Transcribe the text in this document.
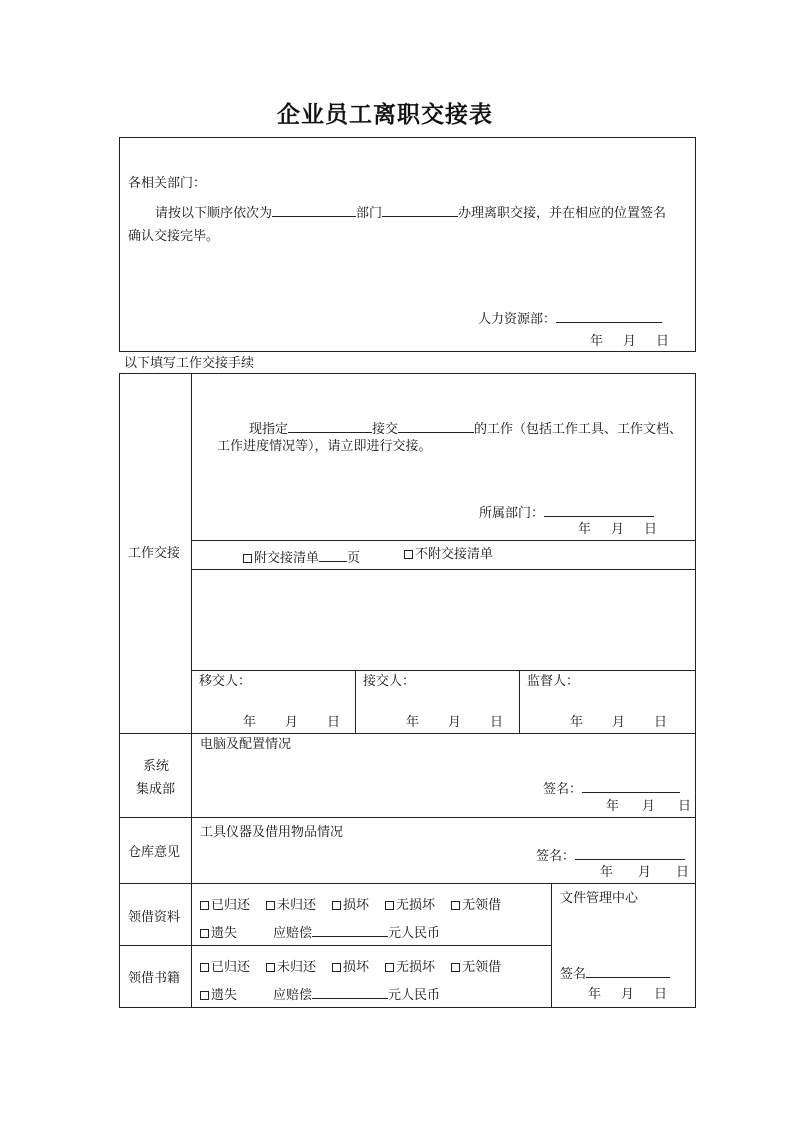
企业员工离职交接表
各相关部门：
请按以下顺序依次为	部门	办理离职交接，并在相应的位置签名
确认交接完毕。
人力资源部：
年 月 日
以下填写工作交接手续
工作交接
现指定	接交	的工作（包括工作工具、工作文档、
工作进度情况等），请立即进行交接。
所属部门：
年 月 日
附交接清单 页	不附交接清单
移交人：	接交人：	监督人：
年 月 日	年 月 日	年 月 日
系统
集成部
电脑及配置情况
签名：
年 月 日
仓库意见
工具仪器及借用物品情况
签名：
年 月 日
领借资料
已归还 未归还 损坏 无损坏 无领借
遗失	应赔偿	元人民币
领借书籍
已归还 未归还 损坏 无损坏 无领借
遗失	应赔偿	元人民币
文件管理中心
签名
年 月 日
